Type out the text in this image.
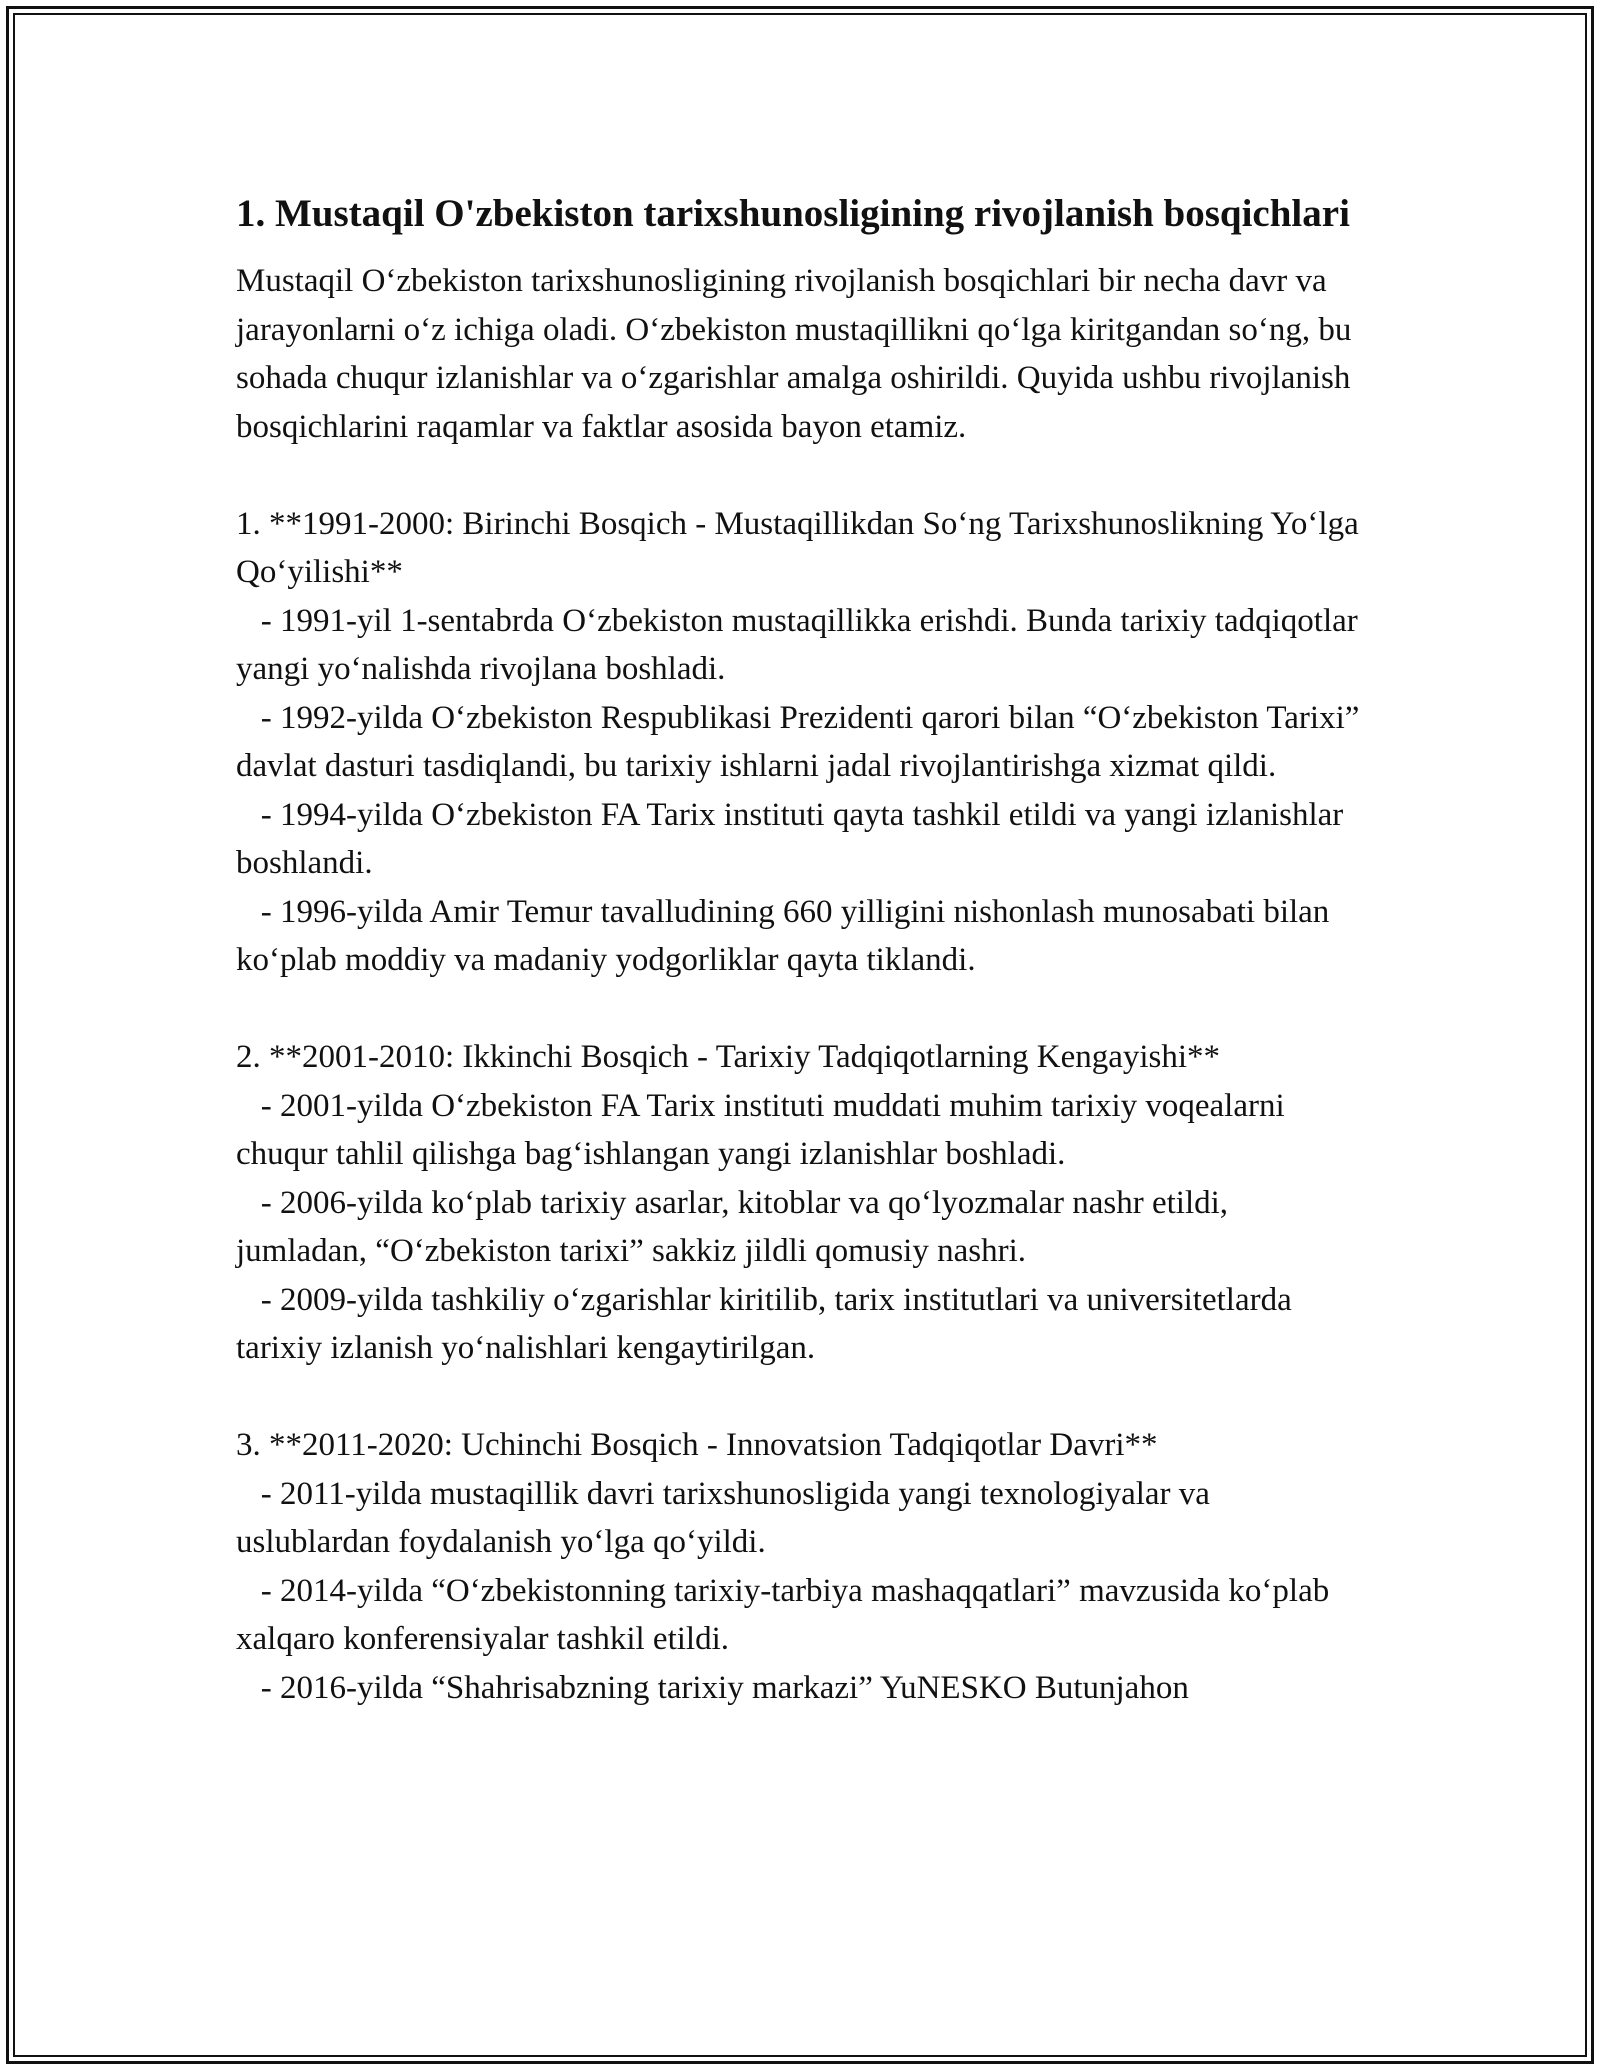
1. Mustaqil O'zbekiston tarixshunosligining rivojlanish bosqichlari

Mustaqil O‘zbekiston tarixshunosligining rivojlanish bosqichlari bir necha davr va jarayonlarni o‘z ichiga oladi. O‘zbekiston mustaqillikni qo‘lga kiritgandan so‘ng, bu sohada chuqur izlanishlar va o‘zgarishlar amalga oshirildi. Quyida ushbu rivojlanish bosqichlarini raqamlar va faktlar asosida bayon etamiz.

1. **1991-2000: Birinchi Bosqich - Mustaqillikdan So‘ng Tarixshunoslikning Yo‘lga Qo‘yilishi**

- 1991-yil 1-sentabrda O‘zbekiston mustaqillikka erishdi. Bunda tarixiy tadqiqotlar yangi yo‘nalishda rivojlana boshladi.

- 1992-yilda O‘zbekiston Respublikasi Prezidenti qarori bilan “O‘zbekiston Tarixi” davlat dasturi tasdiqlandi, bu tarixiy ishlarni jadal rivojlantirishga xizmat qildi.

- 1994-yilda O‘zbekiston FA Tarix instituti qayta tashkil etildi va yangi izlanishlar boshlandi.

- 1996-yilda Amir Temur tavalludining 660 yilligini nishonlash munosabati bilan ko‘plab moddiy va madaniy yodgorliklar qayta tiklandi.

2. **2001-2010: Ikkinchi Bosqich - Tarixiy Tadqiqotlarning Kengayishi**

- 2001-yilda O‘zbekiston FA Tarix instituti muddati muhim tarixiy voqealarni chuqur tahlil qilishga bag‘ishlangan yangi izlanishlar boshladi.

- 2006-yilda ko‘plab tarixiy asarlar, kitoblar va qo‘lyozmalar nashr etildi, jumladan, “O‘zbekiston tarixi” sakkiz jildli qomusiy nashri.

- 2009-yilda tashkiliy o‘zgarishlar kiritilib, tarix institutlari va universitetlarda tarixiy izlanish yo‘nalishlari kengaytirilgan.

3. **2011-2020: Uchinchi Bosqich - Innovatsion Tadqiqotlar Davri**

- 2011-yilda mustaqillik davri tarixshunosligida yangi texnologiyalar va uslublardan foydalanish yo‘lga qo‘yildi.

- 2014-yilda “O‘zbekistonning tarixiy-tarbiya mashaqqatlari” mavzusida ko‘plab xalqaro konferensiyalar tashkil etildi.

- 2016-yilda “Shahrisabzning tarixiy markazi” YuNESKO Butunjahon
